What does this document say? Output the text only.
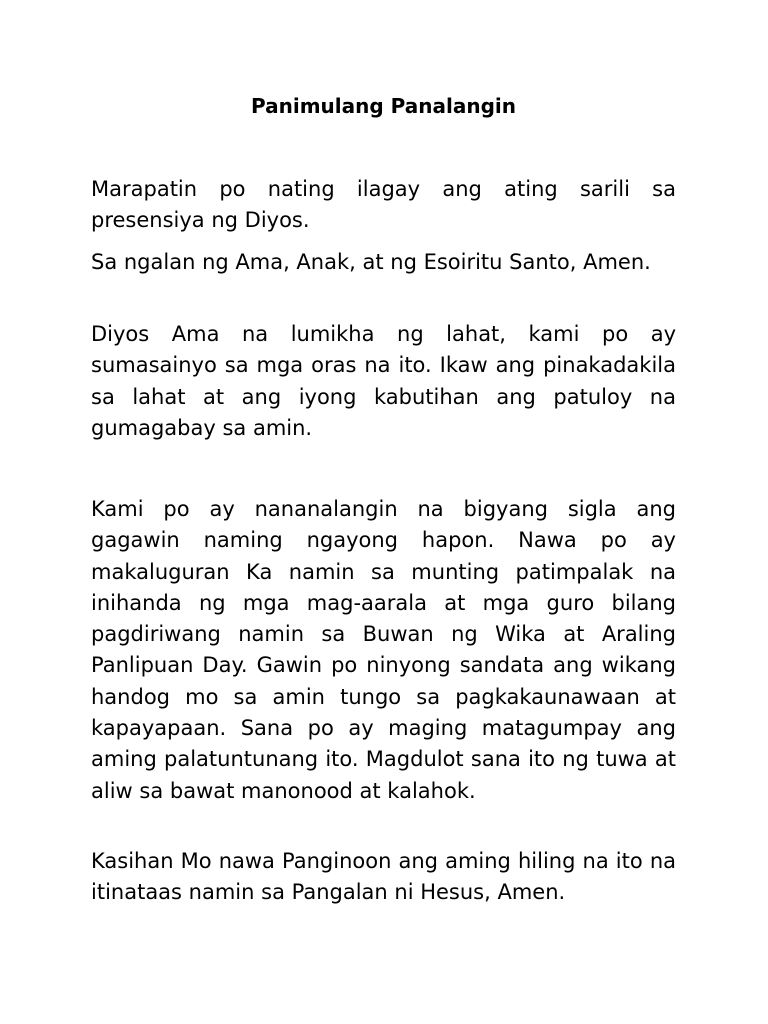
Panimulang Panalangin

Marapatin po nating ilagay ang ating sarili sa presensiya ng Diyos.

Sa ngalan ng Ama, Anak, at ng Esoiritu Santo, Amen.

Diyos Ama na lumikha ng lahat, kami po ay sumasainyo sa mga oras na ito. Ikaw ang pinakadakila sa lahat at ang iyong kabutihan ang patuloy na gumagabay sa amin.

Kami po ay nananalangin na bigyang sigla ang gagawin naming ngayong hapon. Nawa po ay makaluguran Ka namin sa munting patimpalak na inihanda ng mga mag-aarala at mga guro bilang pagdiriwang namin sa Buwan ng Wika at Araling Panlipuan Day. Gawin po ninyong sandata ang wikang handog mo sa amin tungo sa pagkakaunawaan at kapayapaan. Sana po ay maging matagumpay ang aming palatuntunang ito. Magdulot sana ito ng tuwa at aliw sa bawat manonood at kalahok.

Kasihan Mo nawa Panginoon ang aming hiling na ito na itinataas namin sa Pangalan ni Hesus, Amen.
